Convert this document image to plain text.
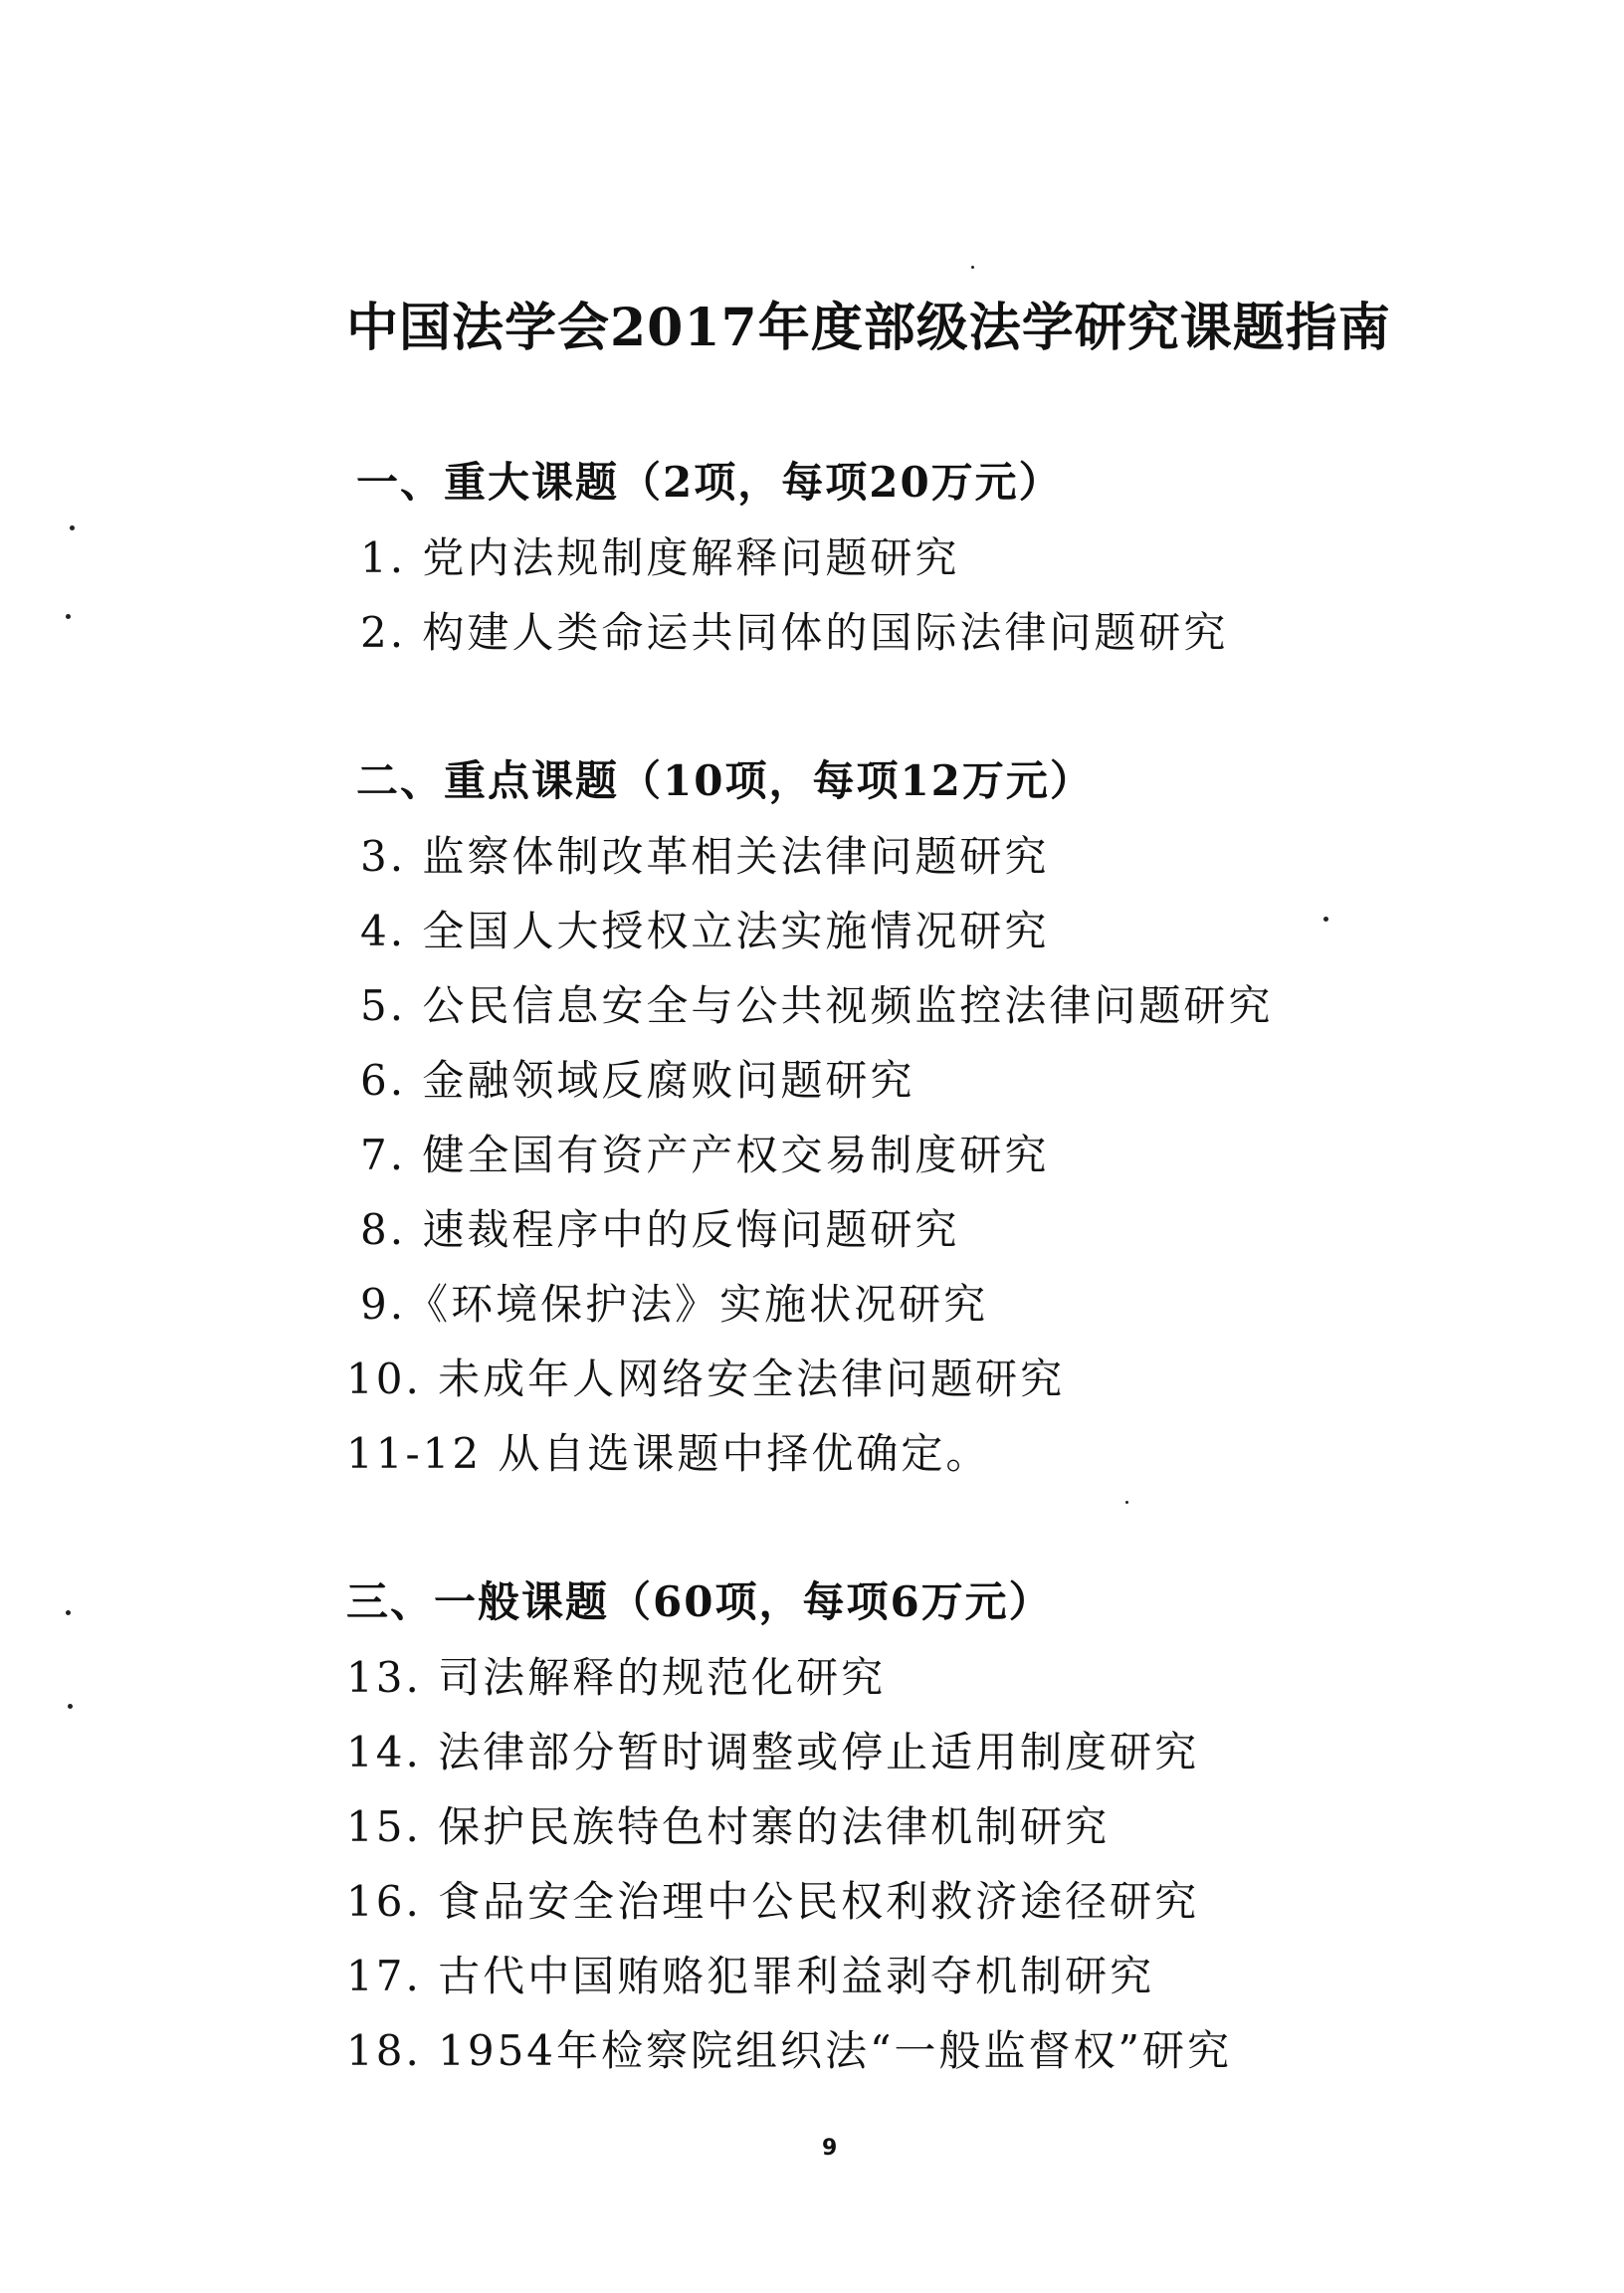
中国法学会2017年度部级法学研究课题指南
一、重大课题（2项，每项20万元）
1. 党内法规制度解释问题研究
2. 构建人类命运共同体的国际法律问题研究
二、重点课题（10项，每项12万元）
3. 监察体制改革相关法律问题研究
4. 全国人大授权立法实施情况研究
5. 公民信息安全与公共视频监控法律问题研究
6. 金融领域反腐败问题研究
7. 健全国有资产产权交易制度研究
8. 速裁程序中的反悔问题研究
9.《环境保护法》实施状况研究
10. 未成年人网络安全法律问题研究
11-12 从自选课题中择优确定。
三、一般课题（60项，每项6万元）
13. 司法解释的规范化研究
14. 法律部分暂时调整或停止适用制度研究
15. 保护民族特色村寨的法律机制研究
16. 食品安全治理中公民权利救济途径研究
17. 古代中国贿赂犯罪利益剥夺机制研究
18. 1954年检察院组织法“一般监督权”研究
9
